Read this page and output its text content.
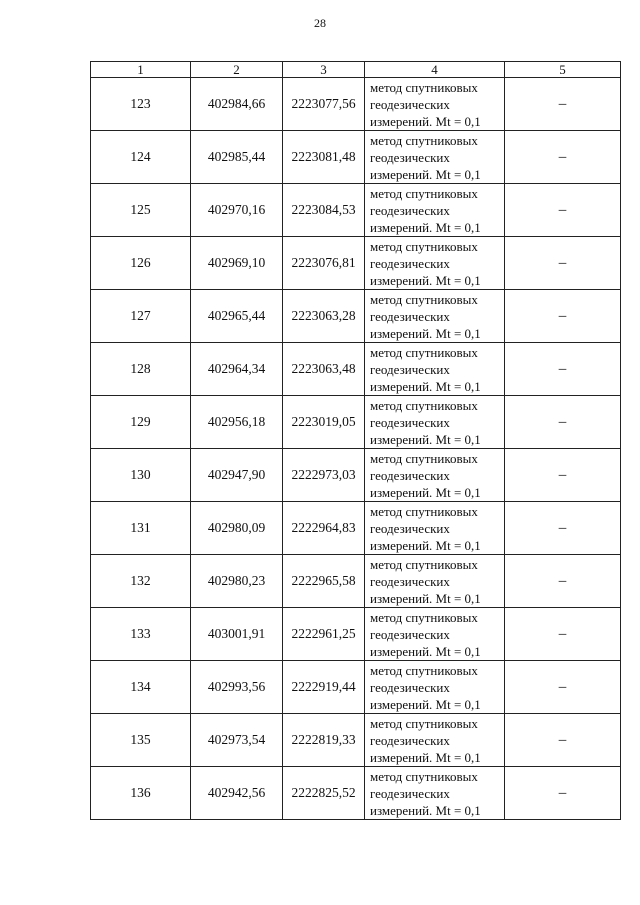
28
1	2	3	4	5
123	402984,66	2223077,56	метод спутниковых геодезических измерений. Mt = 0,1	–
124	402985,44	2223081,48	метод спутниковых геодезических измерений. Mt = 0,1	–
125	402970,16	2223084,53	метод спутниковых геодезических измерений. Mt = 0,1	–
126	402969,10	2223076,81	метод спутниковых геодезических измерений. Mt = 0,1	–
127	402965,44	2223063,28	метод спутниковых геодезических измерений. Mt = 0,1	–
128	402964,34	2223063,48	метод спутниковых геодезических измерений. Mt = 0,1	–
129	402956,18	2223019,05	метод спутниковых геодезических измерений. Mt = 0,1	–
130	402947,90	2222973,03	метод спутниковых геодезических измерений. Mt = 0,1	–
131	402980,09	2222964,83	метод спутниковых геодезических измерений. Mt = 0,1	–
132	402980,23	2222965,58	метод спутниковых геодезических измерений. Mt = 0,1	–
133	403001,91	2222961,25	метод спутниковых геодезических измерений. Mt = 0,1	–
134	402993,56	2222919,44	метод спутниковых геодезических измерений. Mt = 0,1	–
135	402973,54	2222819,33	метод спутниковых геодезических измерений. Mt = 0,1	–
136	402942,56	2222825,52	метод спутниковых геодезических измерений. Mt = 0,1	–
